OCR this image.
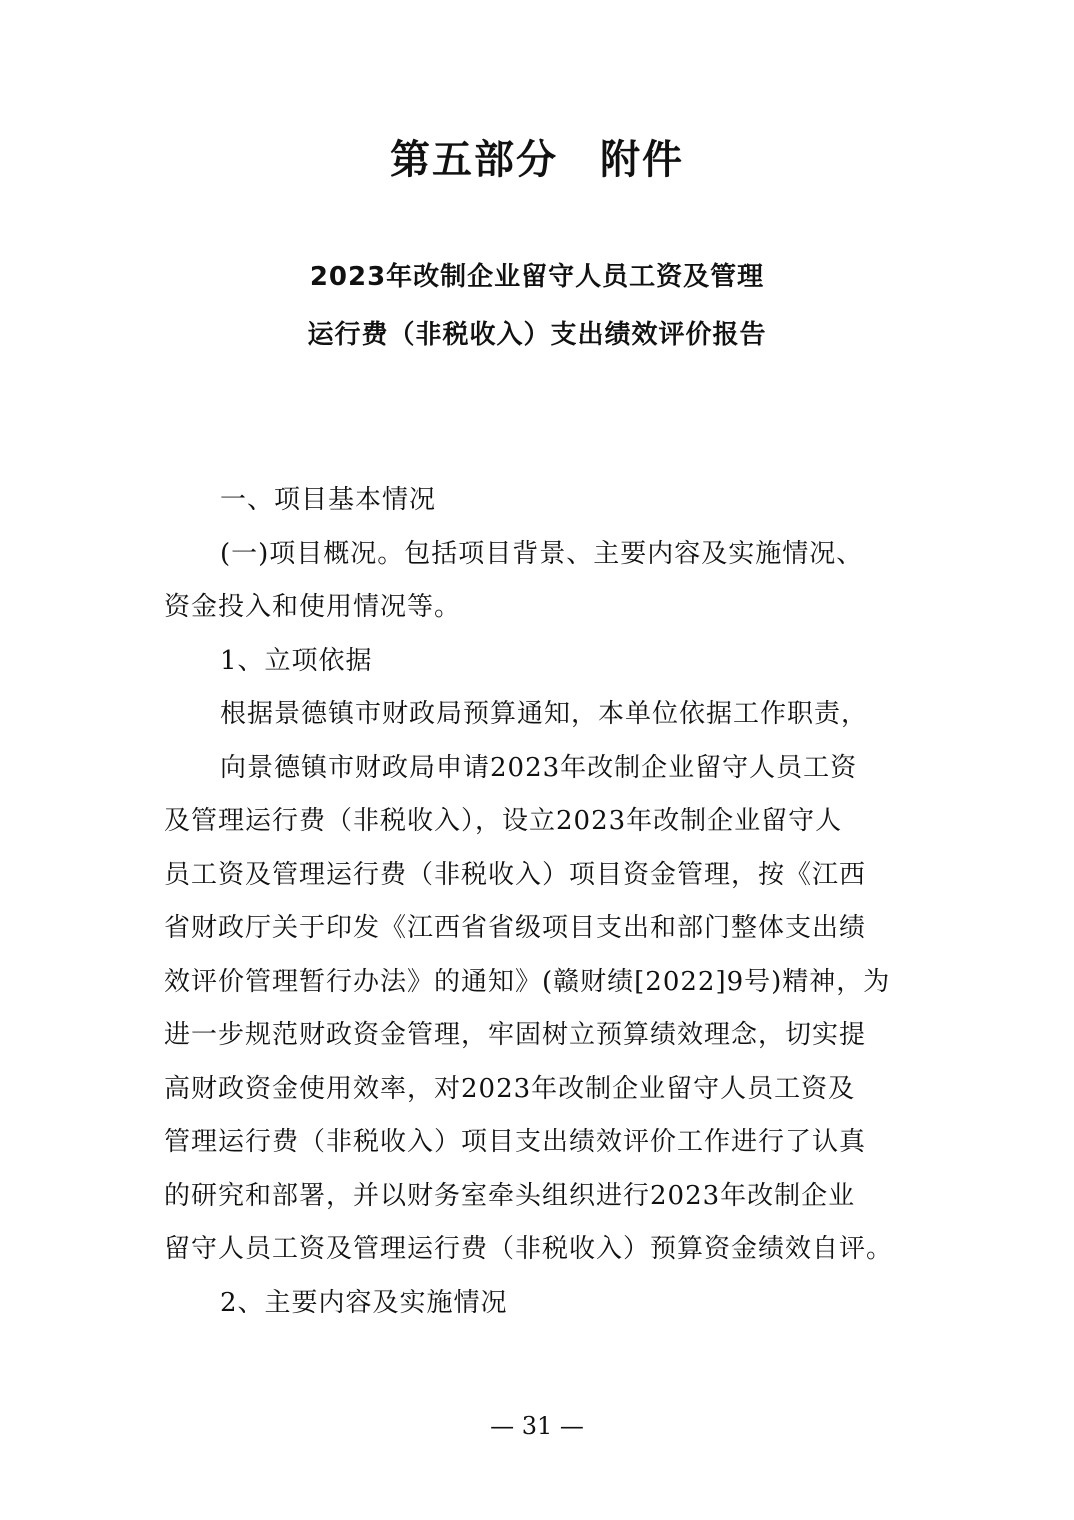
第五部分　附件
2023年改制企业留守人员工资及管理
运行费（非税收入）支出绩效评价报告
一、项目基本情况
(一)项目概况。包括项目背景、主要内容及实施情况、
资金投入和使用情况等。
1、立项依据
根据景德镇市财政局预算通知，本单位依据工作职责，
向景德镇市财政局申请2023年改制企业留守人员工资
及管理运行费（非税收入），设立2023年改制企业留守人
员工资及管理运行费（非税收入）项目资金管理，按《江西
省财政厅关于印发《江西省省级项目支出和部门整体支出绩
效评价管理暂行办法》的通知》(赣财绩[2022]9号)精神，为
进一步规范财政资金管理，牢固树立预算绩效理念，切实提
高财政资金使用效率，对2023年改制企业留守人员工资及
管理运行费（非税收入）项目支出绩效评价工作进行了认真
的研究和部署，并以财务室牵头组织进行2023年改制企业
留守人员工资及管理运行费（非税收入）预算资金绩效自评。
2、主要内容及实施情况
— 31 —
